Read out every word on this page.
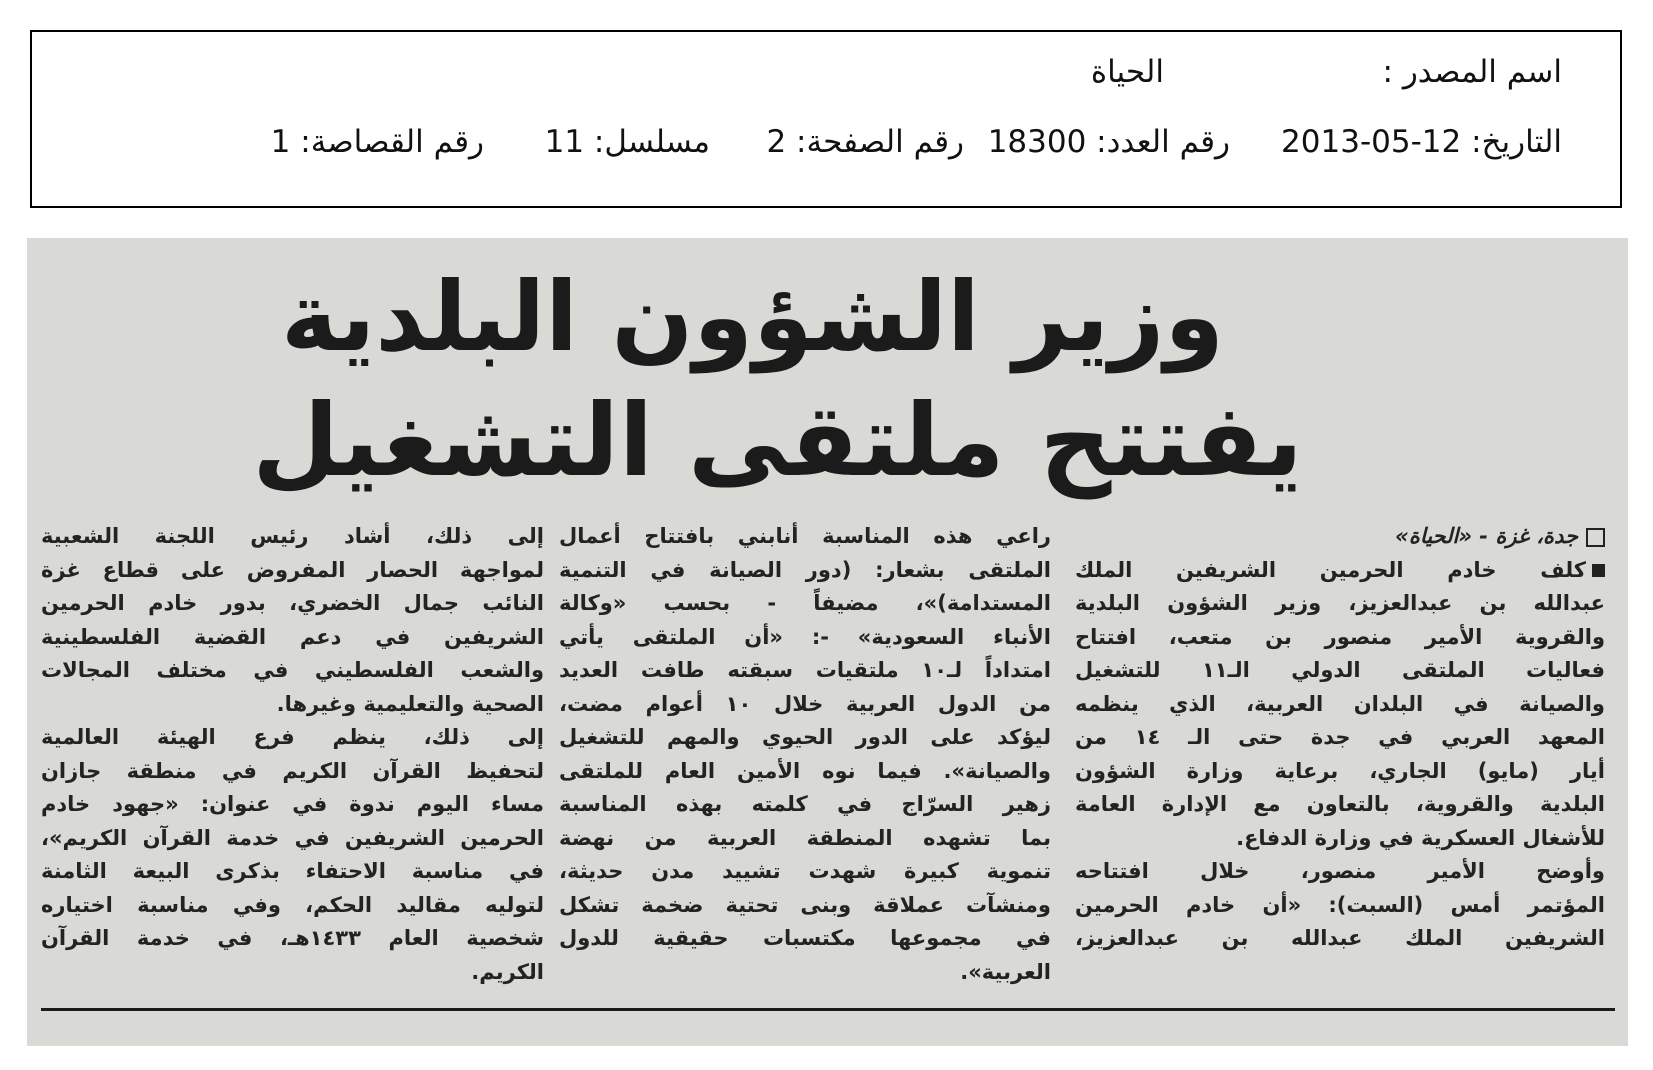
اسم المصدر :
الحياة
التاريخ: 12-05-2013
رقم العدد: 18300
رقم الصفحة: 2
مسلسل: 11
رقم القصاصة: 1
وزير الشؤون البلدية
يفتتح ملتقى التشغيل
جدة، غزة - «الحياة»
كلف خادم الحرمين الشريفين الملك
عبدالله بن عبدالعزيز، وزير الشؤون البلدية
والقروية الأمير منصور بن متعب، افتتاح
فعاليات الملتقى الدولي الـ١١ للتشغيل
والصيانة في البلدان العربية، الذي ينظمه
المعهد العربي في جدة حتى الـ ١٤ من
أيار (مايو) الجاري، برعاية وزارة الشؤون
البلدية والقروية، بالتعاون مع الإدارة العامة
للأشغال العسكرية في وزارة الدفاع.
وأوضح الأمير منصور، خلال افتتاحه
المؤتمر أمس (السبت): «أن خادم الحرمين
الشريفين الملك عبدالله بن عبدالعزيز،
راعي هذه المناسبة أنابني بافتتاح أعمال
الملتقى بشعار: (دور الصيانة في التنمية
المستدامة)»، مضيفاً - بحسب «وكالة
الأنباء السعودية» -: «أن الملتقى يأتي
امتداداً لـ١٠ ملتقيات سبقته طافت العديد
من الدول العربية خلال ١٠ أعوام مضت،
ليؤكد على الدور الحيوي والمهم للتشغيل
والصيانة». فيما نوه الأمين العام للملتقى
زهير السرّاج في كلمته بهذه المناسبة
بما تشهده المنطقة العربية من نهضة
تنموية كبيرة شهدت تشييد مدن حديثة،
ومنشآت عملاقة وبنى تحتية ضخمة تشكل
في مجموعها مكتسبات حقيقية للدول
العربية».
إلى ذلك، أشاد رئيس اللجنة الشعبية
لمواجهة الحصار المفروض على قطاع غزة
النائب جمال الخضري، بدور خادم الحرمين
الشريفين في دعم القضية الفلسطينية
والشعب الفلسطيني في مختلف المجالات
الصحية والتعليمية وغيرها.
إلى ذلك، ينظم فرع الهيئة العالمية
لتحفيظ القرآن الكريم في منطقة جازان
مساء اليوم ندوة في عنوان: «جهود خادم
الحرمين الشريفين في خدمة القرآن الكريم»،
في مناسبة الاحتفاء بذكرى البيعة الثامنة
لتوليه مقاليد الحكم، وفي مناسبة اختياره
شخصية العام ١٤٣٣هـ، في خدمة القرآن
الكريم.
